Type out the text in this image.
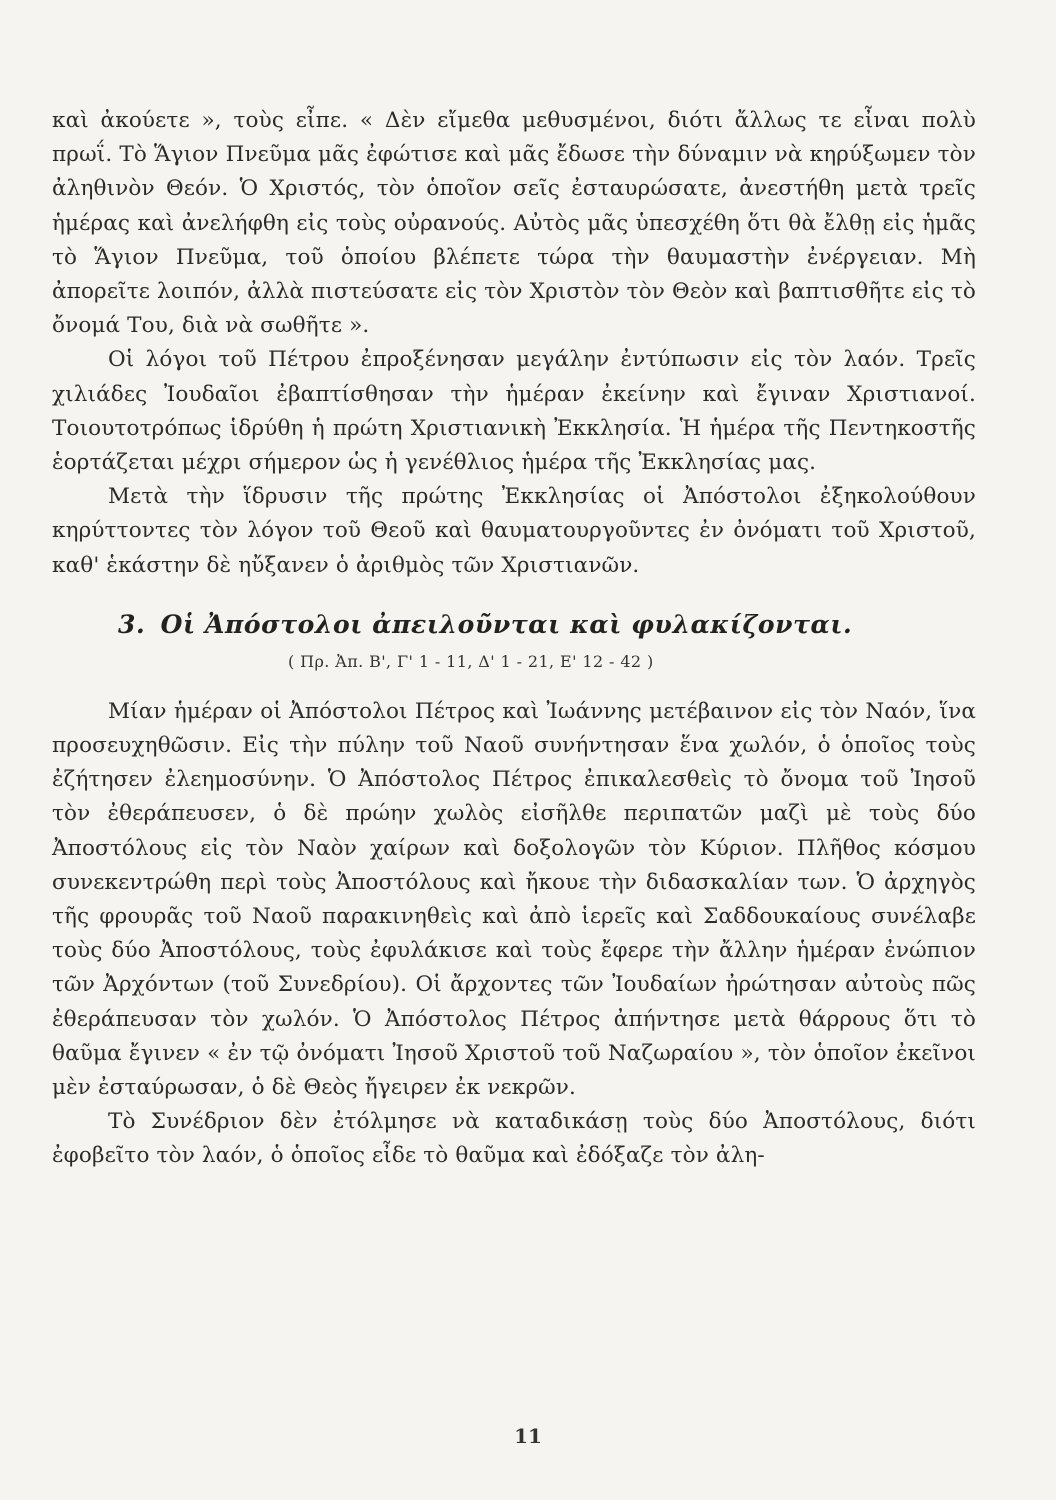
καὶ ἀκούετε », τοὺς εἶπε. « Δὲν εἴμεθα μεθυσμένοι, διότι ἄλλως τε εἶναι πολὺ πρωΐ. Τὸ Ἅγιον Πνεῦμα μᾶς ἐφώτισε καὶ μᾶς ἔδωσε τὴν δύναμιν νὰ κηρύξωμεν τὸν ἀληθινὸν Θεόν. Ὁ Χριστός, τὸν ὁποῖον σεῖς ἐσταυρώσατε, ἀνεστήθη μετὰ τρεῖς ἡμέρας καὶ ἀνελήφθη εἰς τοὺς οὐρανούς. Αὐτὸς μᾶς ὑπεσχέθη ὅτι θὰ ἔλθῃ εἰς ἡμᾶς τὸ Ἅγιον Πνεῦμα, τοῦ ὁποίου βλέπετε τώρα τὴν θαυμαστὴν ἐνέργειαν. Μὴ ἀπορεῖτε λοιπόν, ἀλλὰ πιστεύσατε εἰς τὸν Χριστὸν τὸν Θεὸν καὶ βαπτισθῆτε εἰς τὸ ὄνομά Του, διὰ νὰ σωθῆτε ».

Οἱ λόγοι τοῦ Πέτρου ἐπροξένησαν μεγάλην ἐντύπωσιν εἰς τὸν λαόν. Τρεῖς χιλιάδες Ἰουδαῖοι ἐβαπτίσθησαν τὴν ἡμέραν ἐκείνην καὶ ἔγιναν Χριστιανοί. Τοιουτοτρόπως ἱδρύθη ἡ πρώτη Χριστιανικὴ Ἐκκλησία. Ἡ ἡμέρα τῆς Πεντηκοστῆς ἑορτάζεται μέχρι σήμερον ὡς ἡ γενέθλιος ἡμέρα τῆς Ἐκκλησίας μας.

Μετὰ τὴν ἵδρυσιν τῆς πρώτης Ἐκκλησίας οἱ Ἀπόστολοι ἐξηκολούθουν κηρύττοντες τὸν λόγον τοῦ Θεοῦ καὶ θαυματουργοῦντες ἐν ὀνόματι τοῦ Χριστοῦ, καθ' ἑκάστην δὲ ηὔξανεν ὁ ἀριθμὸς τῶν Χριστιανῶν.

3. Οἱ Ἀπόστολοι ἀπειλοῦνται καὶ φυλακίζονται.
( Πρ. Ἀπ. Β', Γ' 1 - 11, Δ' 1 - 21, Ε' 12 - 42 )

Μίαν ἡμέραν οἱ Ἀπόστολοι Πέτρος καὶ Ἰωάννης μετέβαινον εἰς τὸν Ναόν, ἵνα προσευχηθῶσιν. Εἰς τὴν πύλην τοῦ Ναοῦ συνήντησαν ἕνα χωλόν, ὁ ὁποῖος τοὺς ἐζήτησεν ἐλεημοσύνην. Ὁ Ἀπόστολος Πέτρος ἐπικαλεσθεὶς τὸ ὄνομα τοῦ Ἰησοῦ τὸν ἐθεράπευσεν, ὁ δὲ πρώην χωλὸς εἰσῆλθε περιπατῶν μαζὶ μὲ τοὺς δύο Ἀποστόλους εἰς τὸν Ναὸν χαίρων καὶ δοξολογῶν τὸν Κύριον. Πλῆθος κόσμου συνεκεντρώθη περὶ τοὺς Ἀποστόλους καὶ ἤκουε τὴν διδασκαλίαν των. Ὁ ἀρχηγὸς τῆς φρουρᾶς τοῦ Ναοῦ παρακινηθεὶς καὶ ἀπὸ ἱερεῖς καὶ Σαδδουκαίους συνέλαβε τοὺς δύο Ἀποστόλους, τοὺς ἐφυλάκισε καὶ τοὺς ἔφερε τὴν ἄλλην ἡμέραν ἐνώπιον τῶν Ἀρχόντων (τοῦ Συνεδρίου). Οἱ ἄρχοντες τῶν Ἰουδαίων ἠρώτησαν αὐτοὺς πῶς ἐθεράπευσαν τὸν χωλόν. Ὁ Ἀπόστολος Πέτρος ἀπήντησε μετὰ θάρρους ὅτι τὸ θαῦμα ἔγινεν « ἐν τῷ ὀνόματι Ἰησοῦ Χριστοῦ τοῦ Ναζωραίου », τὸν ὁποῖον ἐκεῖνοι μὲν ἐσταύρωσαν, ὁ δὲ Θεὸς ἤγειρεν ἐκ νεκρῶν.

Τὸ Συνέδριον δὲν ἐτόλμησε νὰ καταδικάσῃ τοὺς δύο Ἀποστόλους, διότι ἐφοβεῖτο τὸν λαόν, ὁ ὁποῖος εἶδε τὸ θαῦμα καὶ ἐδόξαζε τὸν ἀλη-

11
